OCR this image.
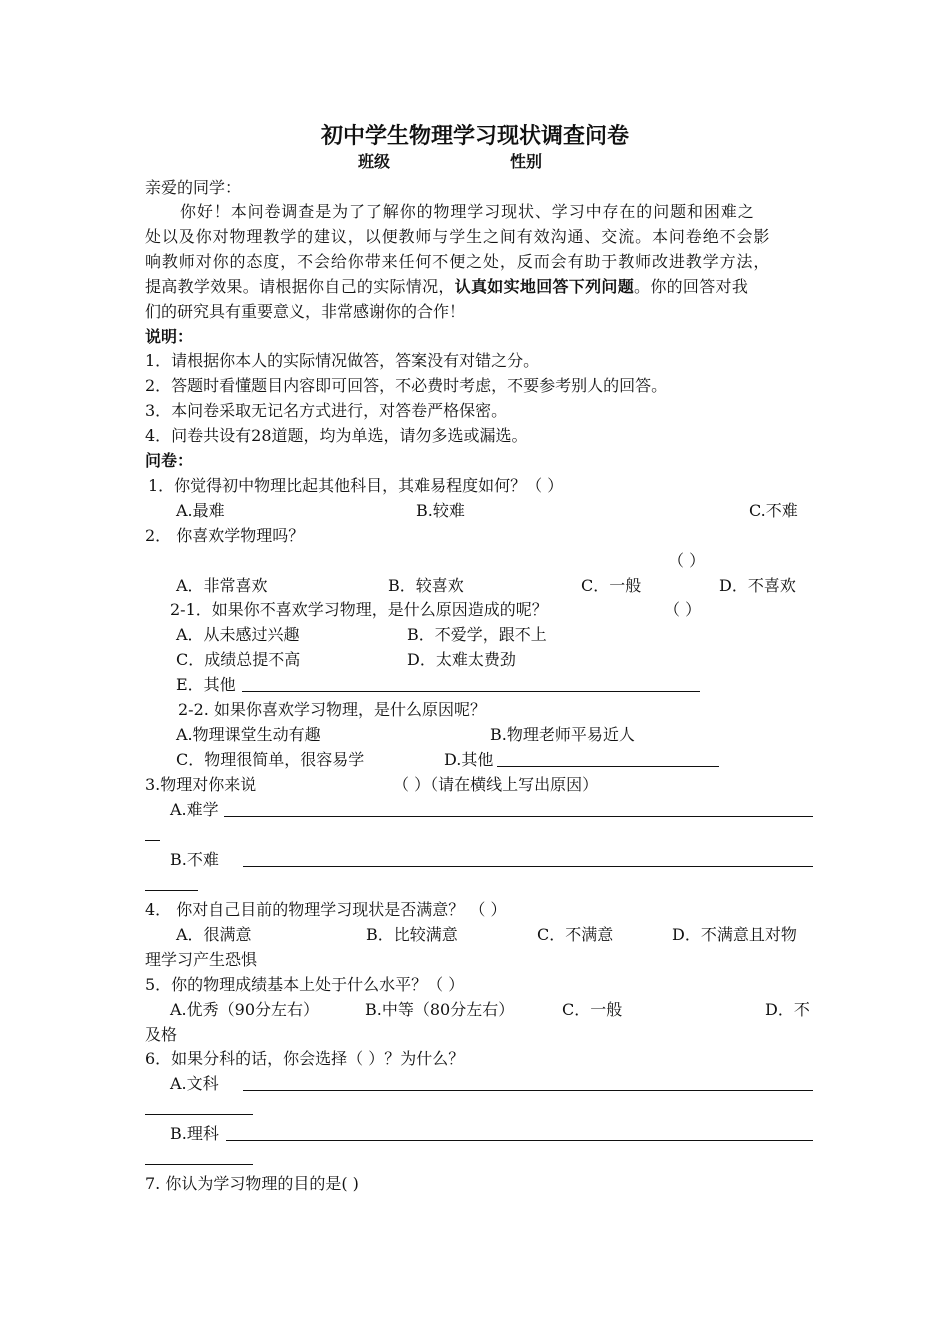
初中学生物理学习现状调查问卷
班级	性别
亲爱的同学：
你好！本问卷调查是为了了解你的物理学习现状、学习中存在的问题和困难之
处以及你对物理教学的建议，以便教师与学生之间有效沟通、交流。本问卷绝不会影
响教师对你的态度，不会给你带来任何不便之处，反而会有助于教师改进教学方法，
提高教学效果。请根据你自己的实际情况，认真如实地回答下列问题。你的回答对我
们的研究具有重要意义，非常感谢你的合作！
说明：
1．请根据你本人的实际情况做答，答案没有对错之分。
2．答题时看懂题目内容即可回答，不必费时考虑，不要参考别人的回答。
3．本问卷采取无记名方式进行，对答卷严格保密。
4．问卷共设有28道题，均为单选，请勿多选或漏选。
问卷：
1．你觉得初中物理比起其他科目，其难易程度如何？（ ）
A.最难	B.较难	C.不难
2． 你喜欢学物理吗？
（ ）
A．非常喜欢	B．较喜欢	C．一般	D．不喜欢
2-1．如果你不喜欢学习物理，是什么原因造成的呢？	（ ）
A．从未感过兴趣	B．不爱学，跟不上
C．成绩总提不高	D．太难太费劲
E．其他
2-2. 如果你喜欢学习物理，是什么原因呢？
A.物理课堂生动有趣	B.物理老师平易近人
C．物理很简单，很容易学	D.其他
3.物理对你来说	（ ）（请在横线上写出原因）
A.难学
B.不难
4． 你对自己目前的物理学习现状是否满意？ （ ）
A．很满意	B．比较满意	C．不满意	D．不满意且对物
理学习产生恐惧
5．你的物理成绩基本上处于什么水平？（ ）
A.优秀（90分左右）	B.中等（80分左右）	C．一般	D．不
及格
6．如果分科的话，你会选择（ ）？为什么？
A.文科
B.理科
7. 你认为学习物理的目的是( )
